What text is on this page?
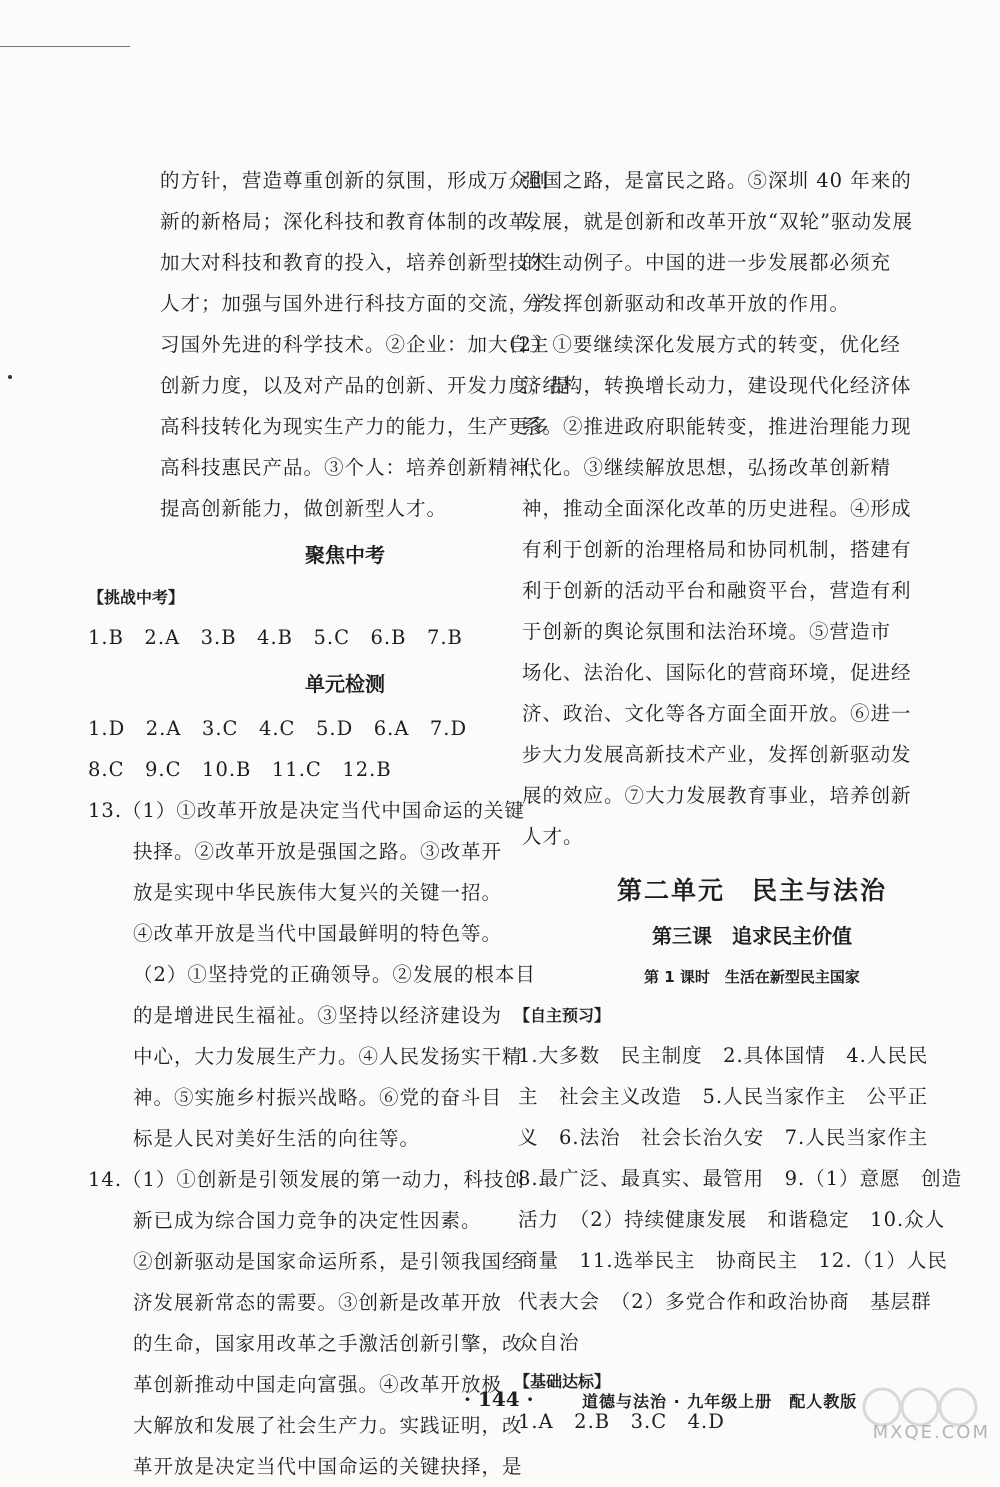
的方针，营造尊重创新的氛围，形成万众创
新的新格局；深化科技和教育体制的改革，
加大对科技和教育的投入，培养创新型技术
人才；加强与国外进行科技方面的交流，学
习国外先进的科学技术。②企业：加大自主
创新力度，以及对产品的创新、开发力度；提
高科技转化为现实生产力的能力，生产更多
高科技惠民产品。③个人：培养创新精神，
提高创新能力，做创新型人才。
聚焦中考
【挑战中考】
1.B　2.A　3.B　4.B　5.C　6.B　7.B
单元检测
1.D　2.A　3.C　4.C　5.D　6.A　7.D
8.C　9.C　10.B　11.C　12.B
13.（1）①改革开放是决定当代中国命运的关键
抉择。②改革开放是强国之路。③改革开
放是实现中华民族伟大复兴的关键一招。
④改革开放是当代中国最鲜明的特色等。
（2）①坚持党的正确领导。②发展的根本目
的是增进民生福祉。③坚持以经济建设为
中心，大力发展生产力。④人民发扬实干精
神。⑤实施乡村振兴战略。⑥党的奋斗目
标是人民对美好生活的向往等。
14.（1）①创新是引领发展的第一动力，科技创
新已成为综合国力竞争的决定性因素。
②创新驱动是国家命运所系，是引领我国经
济发展新常态的需要。③创新是改革开放
的生命，国家用改革之手激活创新引擎，改
革创新推动中国走向富强。④改革开放极
大解放和发展了社会生产力。实践证明，改
革开放是决定当代中国命运的关键抉择，是
强国之路，是富民之路。⑤深圳 40 年来的
发展，就是创新和改革开放“双轮”驱动发展
的生动例子。中国的进一步发展都必须充
分发挥创新驱动和改革开放的作用。
（2）①要继续深化发展方式的转变，优化经
济结构，转换增长动力，建设现代化经济体
系。②推进政府职能转变，推进治理能力现
代化。③继续解放思想，弘扬改革创新精
神，推动全面深化改革的历史进程。④形成
有利于创新的治理格局和协同机制，搭建有
利于创新的活动平台和融资平台，营造有利
于创新的舆论氛围和法治环境。⑤营造市
场化、法治化、国际化的营商环境，促进经
济、政治、文化等各方面全面开放。⑥进一
步大力发展高新技术产业，发挥创新驱动发
展的效应。⑦大力发展教育事业，培养创新
人才。
第二单元　民主与法治
第三课　追求民主价值
第 1 课时　生活在新型民主国家
【自主预习】
1.大多数　民主制度　2.具体国情　4.人民民
主　社会主义改造　5.人民当家作主　公平正
义　6.法治　社会长治久安　7.人民当家作主
8.最广泛、最真实、最管用　9.（1）意愿　创造
活力　（2）持续健康发展　和谐稳定　10.众人
商量　11.选举民主　协商民主　12.（1）人民
代表大会　（2）多党合作和政治协商　基层群
众自治
【基础达标】
1.A　2.B　3.C　4.D
· 144 ·	道德与法治 · 九年级上册　配人教版
MXQE.COM
